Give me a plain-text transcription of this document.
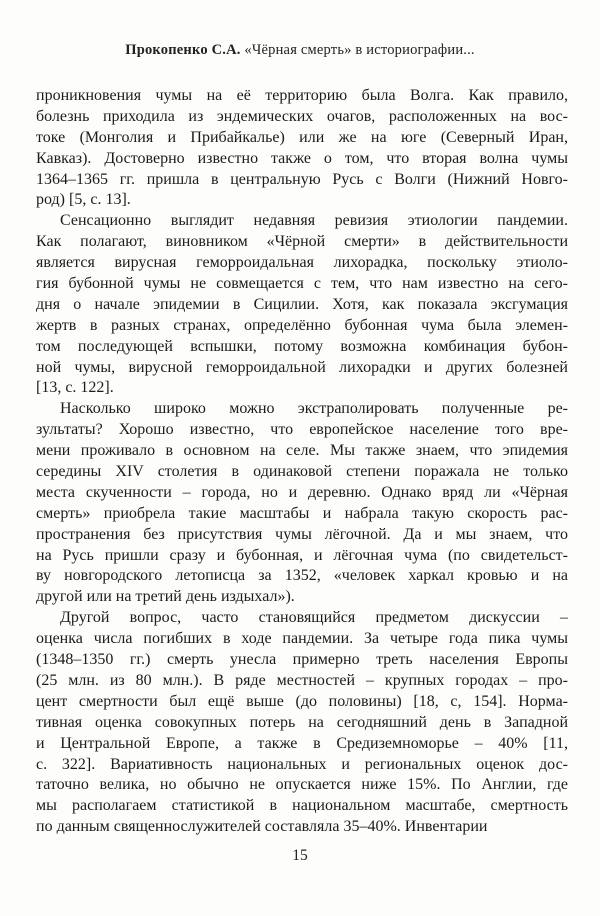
Прокопенко С.А. «Чёрная смерть» в историографии...
проникновения чумы на её территорию была Волга. Как правило,
болезнь приходила из эндемических очагов, расположенных на вос-
токе (Монголия и Прибайкалье) или же на юге (Северный Иран,
Кавказ). Достоверно известно также о том, что вторая волна чумы
1364–1365 гг. пришла в центральную Русь с Волги (Нижний Новго-
род) [5, с. 13].
Сенсационно выглядит недавняя ревизия этиологии пандемии.
Как полагают, виновником «Чёрной смерти» в действительности
является вирусная геморроидальная лихорадка, поскольку этиоло-
гия бубонной чумы не совмещается с тем, что нам известно на сего-
дня о начале эпидемии в Сицилии. Хотя, как показала эксгумация
жертв в разных странах, определённо бубонная чума была элемен-
том последующей вспышки, потому возможна комбинация бубон-
ной чумы, вирусной геморроидальной лихорадки и других болезней
[13, с. 122].
Насколько широко можно экстраполировать полученные ре-
зультаты? Хорошо известно, что европейское население того вре-
мени проживало в основном на селе. Мы также знаем, что эпидемия
середины XIV столетия в одинаковой степени поражала не только
места скученности – города, но и деревню. Однако вряд ли «Чёрная
смерть» приобрела такие масштабы и набрала такую скорость рас-
пространения без присутствия чумы лёгочной. Да и мы знаем, что
на Русь пришли сразу и бубонная, и лёгочная чума (по свидетельст-
ву новгородского летописца за 1352, «человек харкал кровью и на
другой или на третий день издыхал»).
Другой вопрос, часто становящийся предметом дискуссии –
оценка числа погибших в ходе пандемии. За четыре года пика чумы
(1348–1350 гг.) смерть унесла примерно треть населения Европы
(25 млн. из 80 млн.). В ряде местностей – крупных городах – про-
цент смертности был ещё выше (до половины) [18, с, 154]. Норма-
тивная оценка совокупных потерь на сегодняшний день в Западной
и Центральной Европе, а также в Средиземноморье – 40% [11,
с. 322]. Вариативность национальных и региональных оценок дос-
таточно велика, но обычно не опускается ниже 15%. По Англии, где
мы располагаем статистикой в национальном масштабе, смертность
по данным священнослужителей составляла 35–40%. Инвентарии
15
